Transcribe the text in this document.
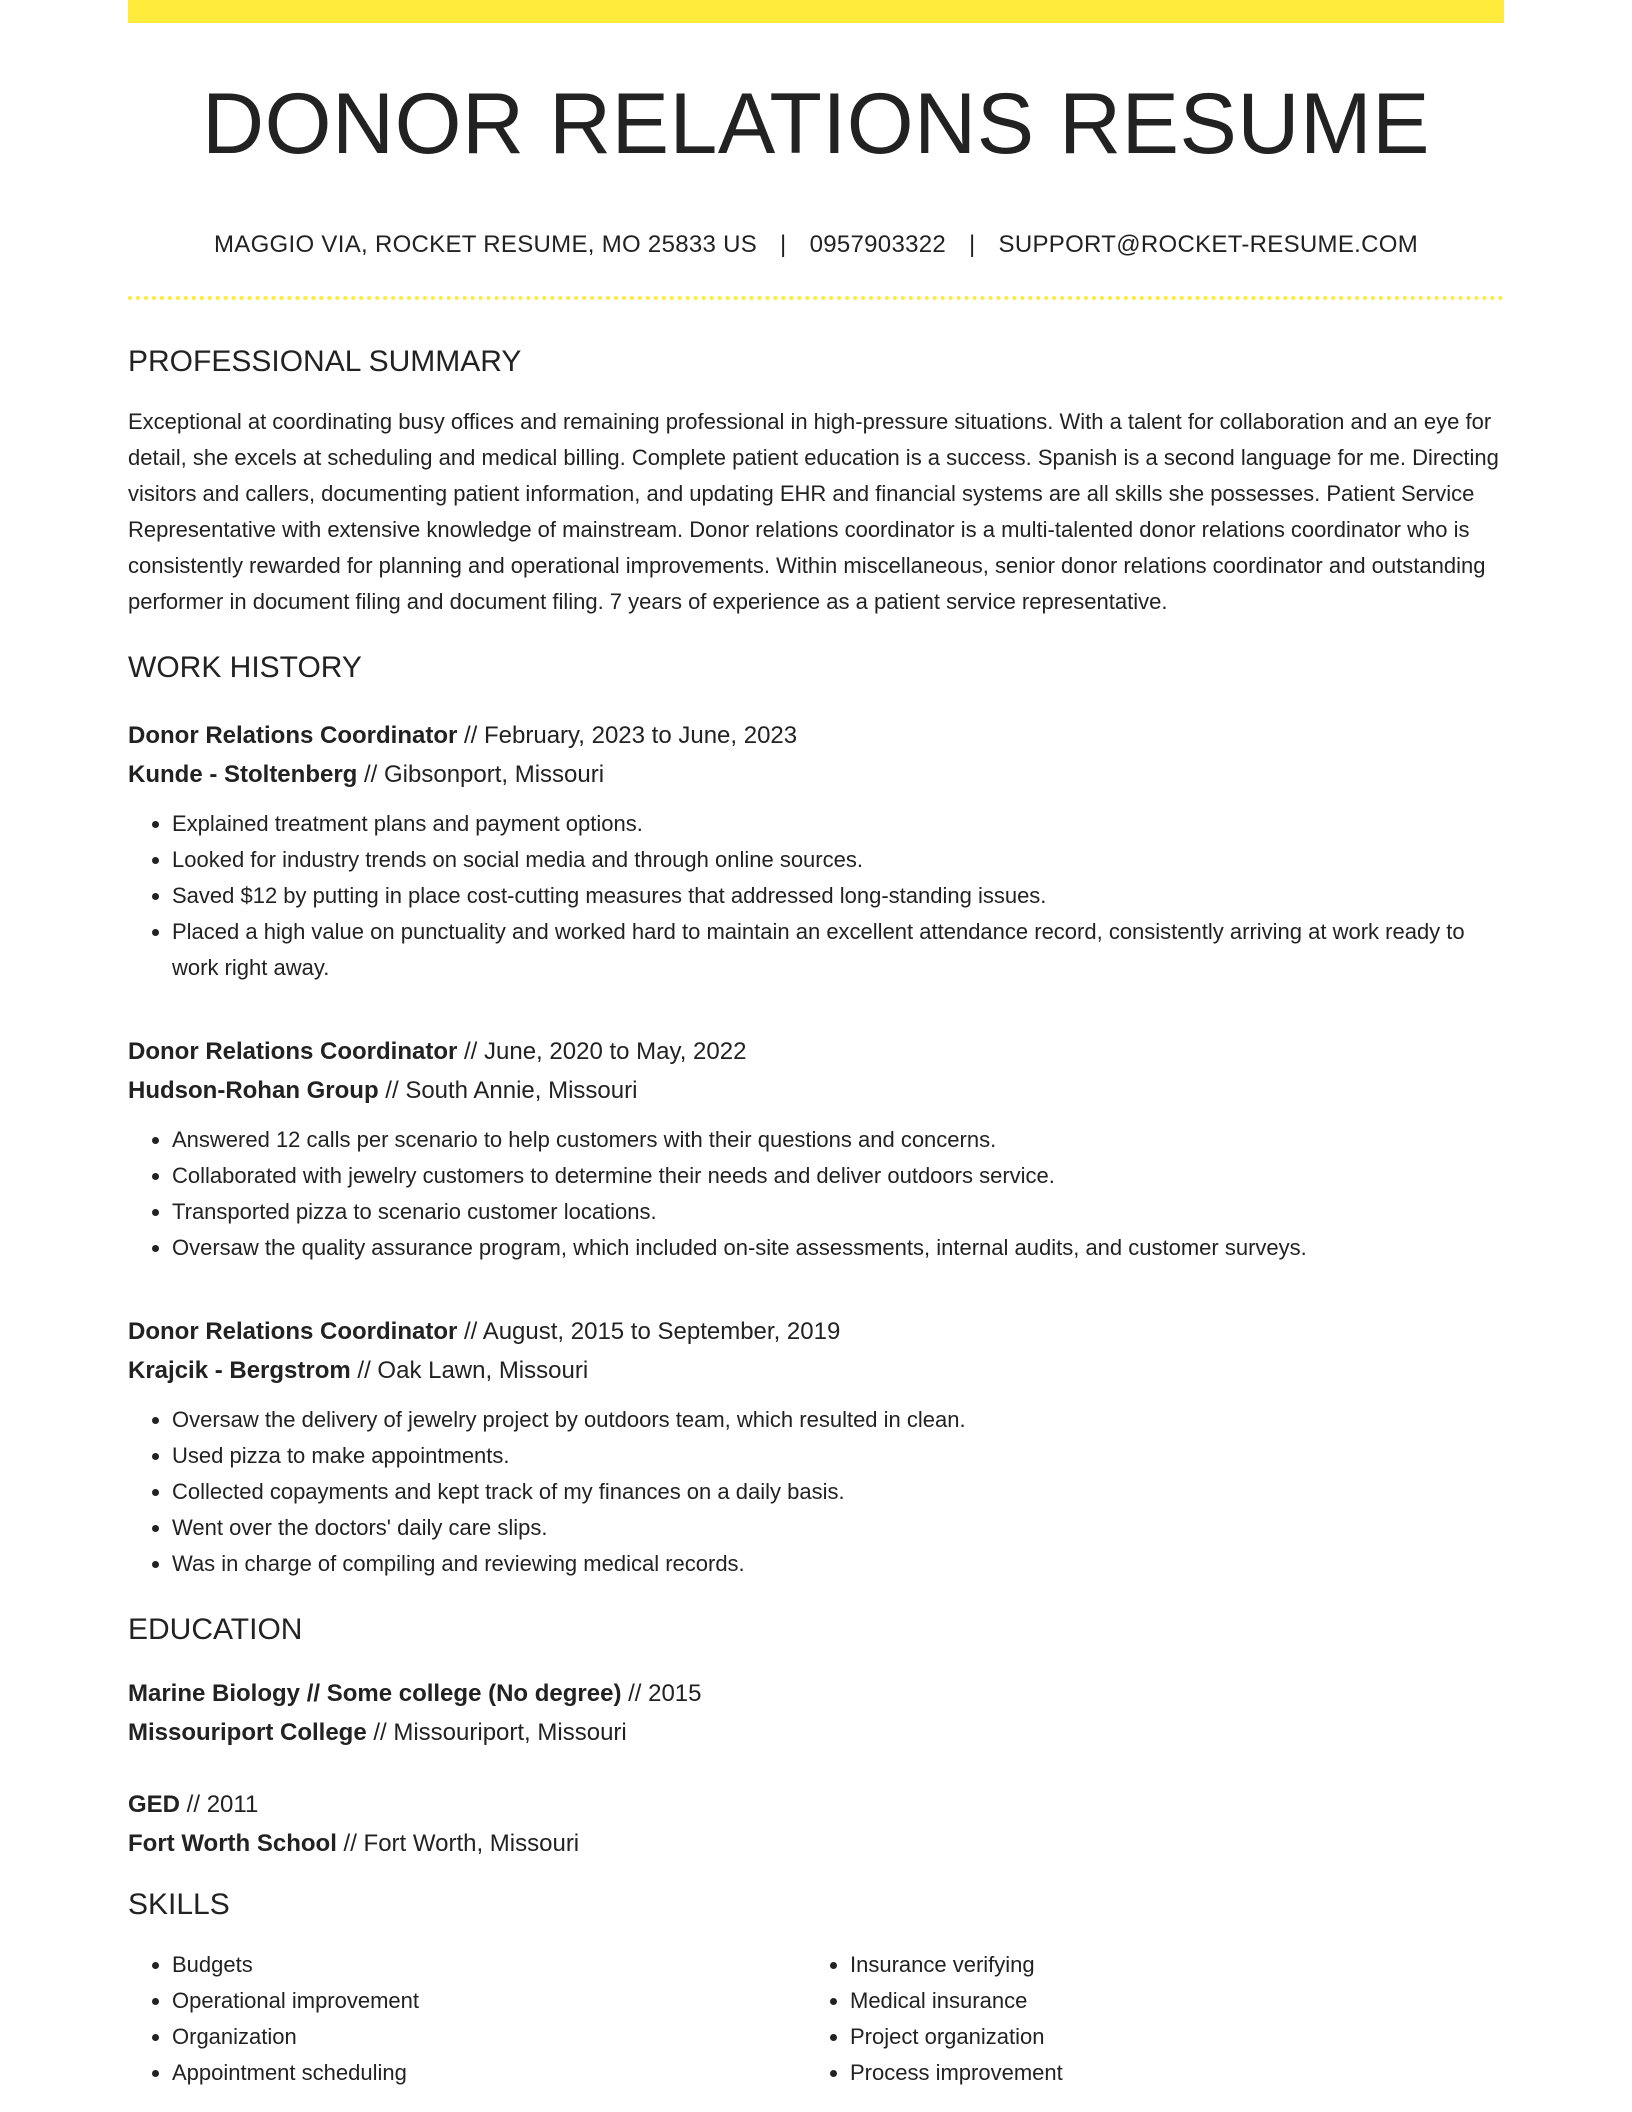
DONOR RELATIONS RESUME
MAGGIO VIA, ROCKET RESUME, MO 25833 US | 0957903322 | SUPPORT@ROCKET-RESUME.COM
PROFESSIONAL SUMMARY

Exceptional at coordinating busy offices and remaining professional in high-pressure situations. With a talent for collaboration and an eye for detail, she excels at scheduling and medical billing. Complete patient education is a success. Spanish is a second language for me. Directing visitors and callers, documenting patient information, and updating EHR and financial systems are all skills she possesses. Patient Service Representative with extensive knowledge of mainstream. Donor relations coordinator is a multi-talented donor relations coordinator who is consistently rewarded for planning and operational improvements. Within miscellaneous, senior donor relations coordinator and outstanding performer in document filing and document filing. 7 years of experience as a patient service representative.

WORK HISTORY

Donor Relations Coordinator // February, 2023 to June, 2023

Kunde - Stoltenberg // Gibsonport, Missouri

• Explained treatment plans and payment options.
• Looked for industry trends on social media and through online sources.
• Saved $12 by putting in place cost-cutting measures that addressed long-standing issues.
• Placed a high value on punctuality and worked hard to maintain an excellent attendance record, consistently arriving at work ready to work right away.

Donor Relations Coordinator // June, 2020 to May, 2022

Hudson-Rohan Group // South Annie, Missouri

• Answered 12 calls per scenario to help customers with their questions and concerns.
• Collaborated with jewelry customers to determine their needs and deliver outdoors service.
• Transported pizza to scenario customer locations.
• Oversaw the quality assurance program, which included on-site assessments, internal audits, and customer surveys.

Donor Relations Coordinator // August, 2015 to September, 2019

Krajcik - Bergstrom // Oak Lawn, Missouri

• Oversaw the delivery of jewelry project by outdoors team, which resulted in clean.
• Used pizza to make appointments.
• Collected copayments and kept track of my finances on a daily basis.
• Went over the doctors' daily care slips.
• Was in charge of compiling and reviewing medical records.
EDUCATION

Marine Biology // Some college (No degree) // 2015

Missouriport College // Missouriport, Missouri

GED // 2011

Fort Worth School // Fort Worth, Missouri

SKILLS
• Budgets
• Operational improvement
• Organization
• Appointment scheduling
• Insurance verifying
• Medical insurance
• Project organization
• Process improvement
